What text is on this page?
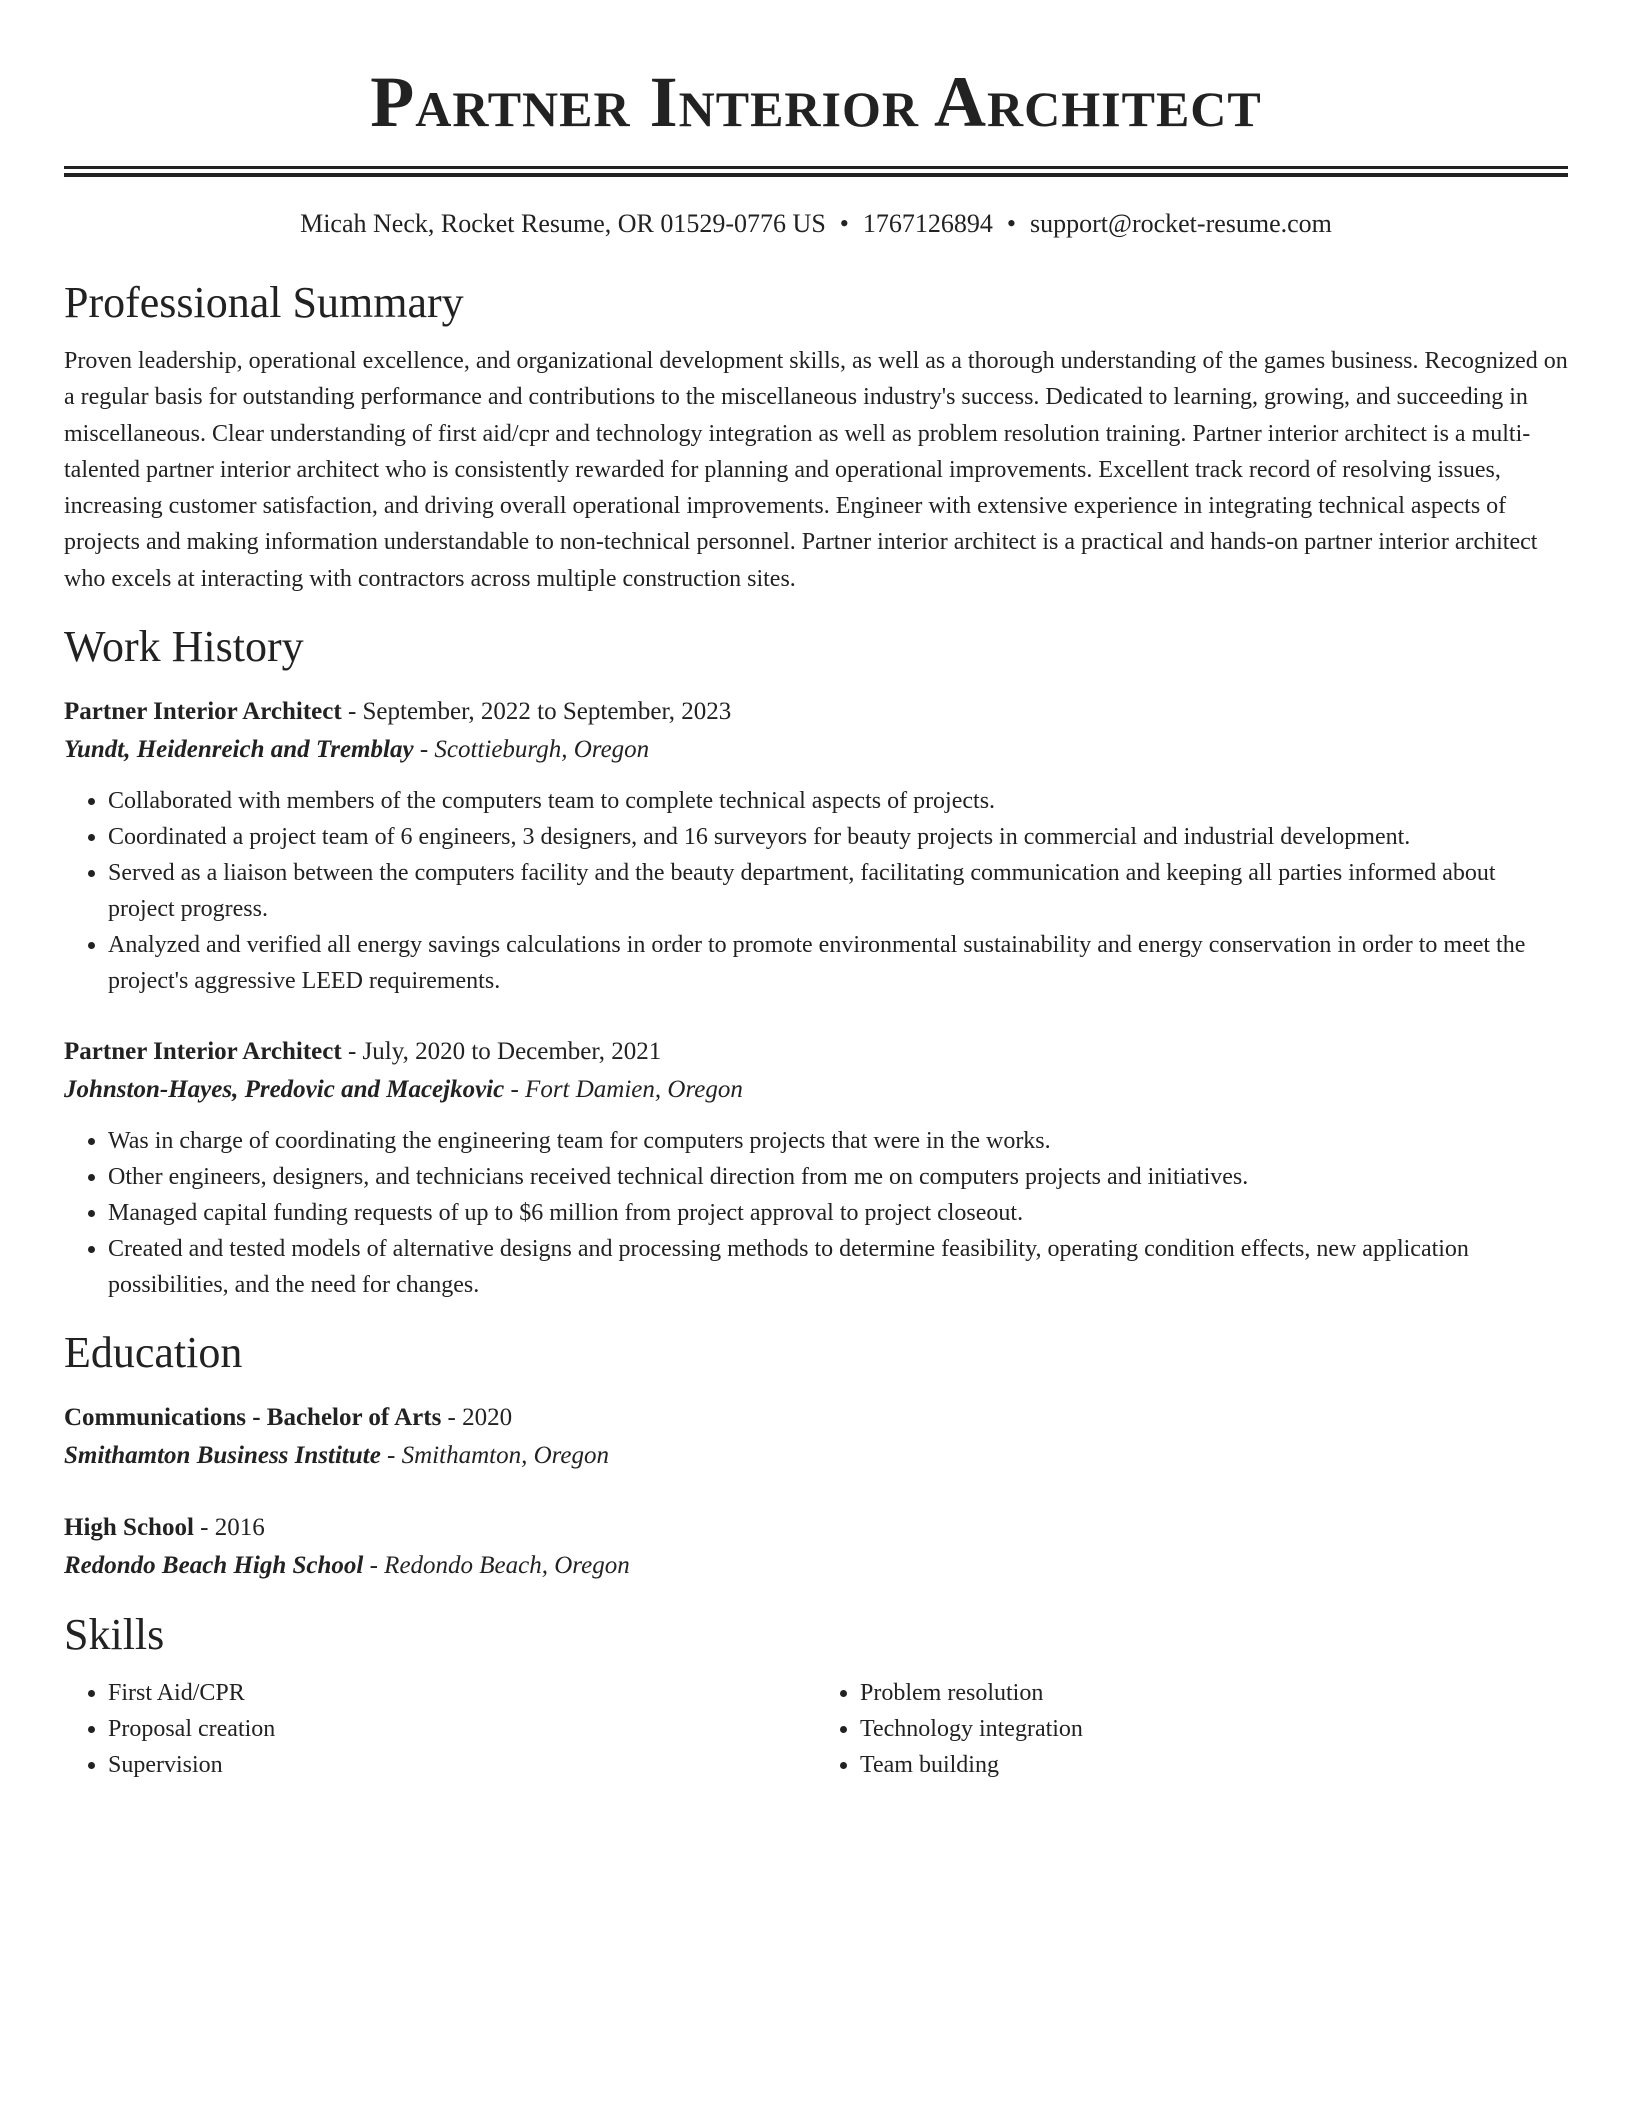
Partner Interior Architect
Micah Neck, Rocket Resume, OR 01529-0776 US • 1767126894 • support@rocket-resume.com
Professional Summary

Proven leadership, operational excellence, and organizational development skills, as well as a thorough understanding of the games business. Recognized on a regular basis for outstanding performance and contributions to the miscellaneous industry's success. Dedicated to learning, growing, and succeeding in miscellaneous. Clear understanding of first aid/cpr and technology integration as well as problem resolution training. Partner interior architect is a multi-talented partner interior architect who is consistently rewarded for planning and operational improvements. Excellent track record of resolving issues, increasing customer satisfaction, and driving overall operational improvements. Engineer with extensive experience in integrating technical aspects of projects and making information understandable to non-technical personnel. Partner interior architect is a practical and hands-on partner interior architect who excels at interacting with contractors across multiple construction sites.

Work History
Partner Interior Architect - September, 2022 to September, 2023
Yundt, Heidenreich and Tremblay - Scottieburgh, Oregon
• Collaborated with members of the computers team to complete technical aspects of projects.
• Coordinated a project team of 6 engineers, 3 designers, and 16 surveyors for beauty projects in commercial and industrial development.
• Served as a liaison between the computers facility and the beauty department, facilitating communication and keeping all parties informed about project progress.
• Analyzed and verified all energy savings calculations in order to promote environmental sustainability and energy conservation in order to meet the project's aggressive LEED requirements.
Partner Interior Architect - July, 2020 to December, 2021
Johnston-Hayes, Predovic and Macejkovic - Fort Damien, Oregon
• Was in charge of coordinating the engineering team for computers projects that were in the works.
• Other engineers, designers, and technicians received technical direction from me on computers projects and initiatives.
• Managed capital funding requests of up to $6 million from project approval to project closeout.
• Created and tested models of alternative designs and processing methods to determine feasibility, operating condition effects, new application possibilities, and the need for changes.
Education
Communications - Bachelor of Arts - 2020
Smithamton Business Institute - Smithamton, Oregon
High School - 2016
Redondo Beach High School - Redondo Beach, Oregon
Skills
• First Aid/CPR
• Proposal creation
• Supervision
• Problem resolution
• Technology integration
• Team building
